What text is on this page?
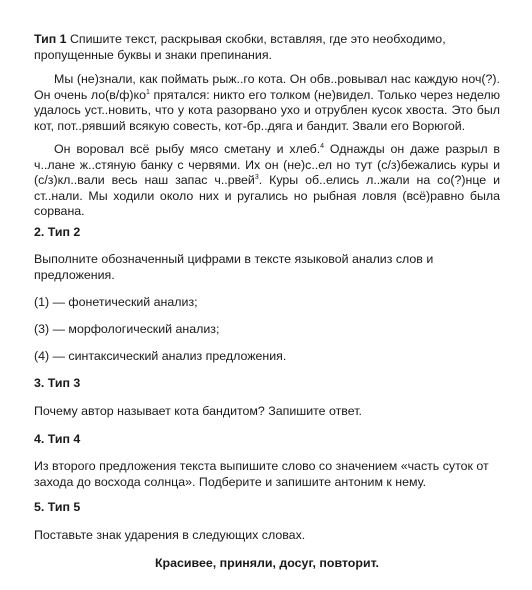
Тип 1 Спишите текст, раскрывая скобки, вставляя, где это необходимо, пропущенные буквы и знаки препинания.
Мы (не)знали, как поймать рыж..го кота. Он обв..ровывал нас каждую ноч(?). Он очень $ло(в/ф)ко^1$ прятался: никто его толком (не)видел. Только через неделю удалось уст..новить, что у кота разорвано ухо и отрублен кусок хвоста. Это был кот, пот..рявший всякую совесть, кот-бр..дяга и бандит. Звали его Ворюгой.
Он воровал всё рыбу мясо сметану и хлеб.$^4$ Однажды он даже разрыл в ч..лане ж..стяную банку с червями. Их он (не)с..ел но тут (с/з)бежались куры и (с/з)кл..вали весь наш запас ч..рвей$^3$. Куры об..елись л..жали на со(?)нце и ст..нали. Мы ходили около них и ругались но рыбная ловля (всё)равно была сорвана.
2. Тип 2
Выполните обозначенный цифрами в тексте языковой анализ слов и предложения.
(1) — фонетический анализ;
(3) — морфологический анализ;
(4) — синтаксический анализ предложения.
3. Тип 3
Почему автор называет кота бандитом? Запишите ответ.
4. Тип 4
Из второго предложения текста выпишите слово со значением «часть суток от захода до восхода солнца». Подберите и запишите антоним к нему.
5. Тип 5
Поставьте знак ударения в следующих словах.
Красивее, приняли, досуг, повторит.
